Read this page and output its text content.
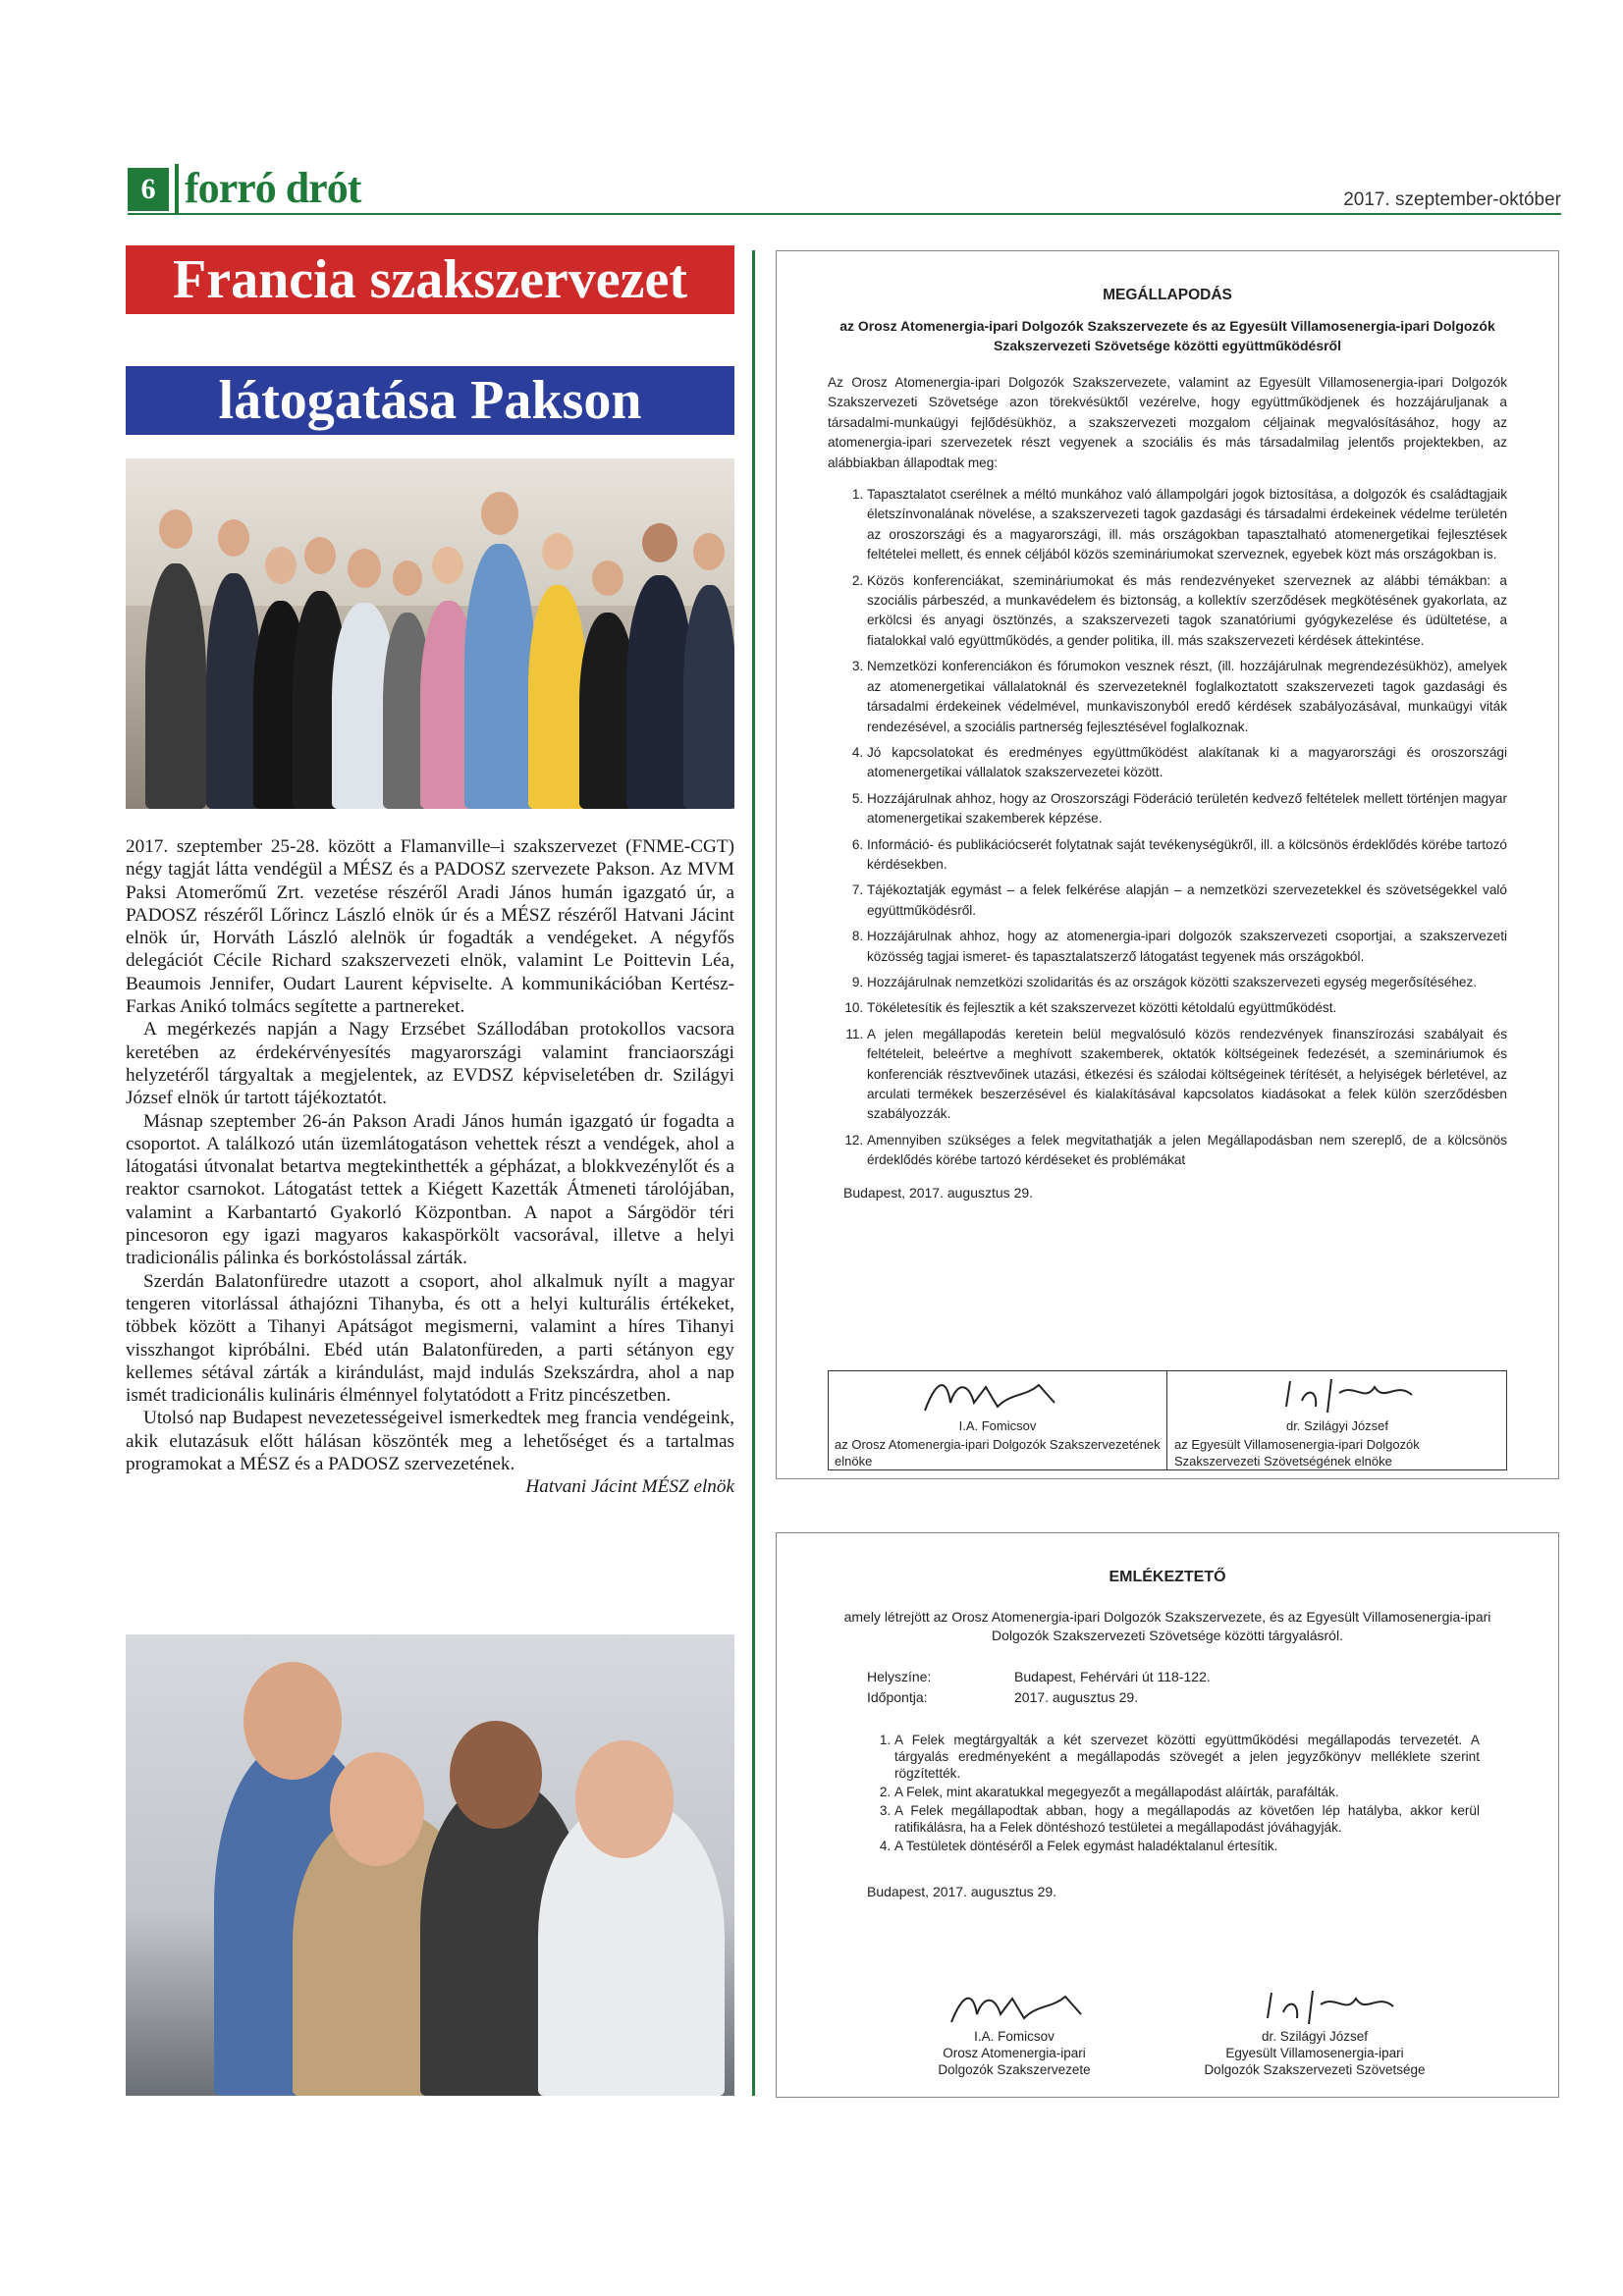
6 forró drót	2017. szeptember-október
Francia szakszervezet
látogatása Pakson

2017. szeptember 25-28. között a Flamanville–i szakszervezet (FNME-CGT) négy tagját látta vendégül a MÉSZ és a PADOSZ szervezete Pakson. Az MVM Paksi Atomerőmű Zrt. vezetése részéről Aradi János humán igazgató úr, a PADOSZ részéről Lőrincz László elnök úr és a MÉSZ részéről Hatvani Jácint elnök úr, Horváth László alelnök úr fogadták a vendégeket. A négyfős delegációt Cécile Richard szakszervezeti elnök, valamint Le Poittevin Léa, Beaumois Jennifer, Oudart Laurent képviselte. A kommunikációban Kertész-Farkas Anikó tolmács segítette a partnereket.

A megérkezés napján a Nagy Erzsébet Szállodában protokollos vacsora keretében az érdekérvényesítés magyarországi valamint franciaországi helyzetéről tárgyaltak a megjelentek, az EVDSZ képviseletében dr. Szilágyi József elnök úr tartott tájékoztatót.

Másnap szeptember 26-án Pakson Aradi János humán igazgató úr fogadta a csoportot. A találkozó után üzemlátogatáson vehettek részt a vendégek, ahol a látogatási útvonalat betartva megtekinthették a gépházat, a blokkvezénylőt és a reaktor csarnokot. Látogatást tettek a Kiégett Kazetták Átmeneti tárolójában, valamint a Karbantartó Gyakorló Központban. A napot a Sárgödör téri pincesoron egy igazi magyaros kakaspörkölt vacsorával, illetve a helyi tradicionális pálinka és borkóstolással zárták.

Szerdán Balatonfüredre utazott a csoport, ahol alkalmuk nyílt a magyar tengeren vitorlással áthajózni Tihanyba, és ott a helyi kulturális értékeket, többek között a Tihanyi Apátságot megismerni, valamint a híres Tihanyi visszhangot kipróbálni. Ebéd után Balatonfüreden, a parti sétányon egy kellemes sétával zárták a kirándulást, majd indulás Szekszárdra, ahol a nap ismét tradicionális kulináris élménnyel folytatódott a Fritz pincészetben.

Utolsó nap Budapest nevezetességeivel ismerkedtek meg francia vendégeink, akik elutazásuk előtt hálásan köszönték meg a lehetőséget és a tartalmas programokat a MÉSZ és a PADOSZ szervezetének.

Hatvani Jácint MÉSZ elnök

MEGÁLLAPODÁS
az Orosz Atomenergia-ipari Dolgozók Szakszervezete és az Egyesült Villamosenergia-ipari Dolgozók Szakszervezeti Szövetsége közötti együttműködésről
Az Orosz Atomenergia-ipari Dolgozók Szakszervezete, valamint az Egyesült Villamosenergia-ipari Dolgozók Szakszervezeti Szövetsége azon törekvésüktől vezérelve, hogy együttműködjenek és hozzájáruljanak a társadalmi-munkaügyi fejlődésükhöz, a szakszervezeti mozgalom céljainak megvalósításához, hogy az atomenergia-ipari szervezetek részt vegyenek a szociális és más társadalmilag jelentős projektekben, az alábbiakban állapodtak meg:
1. Tapasztalatot cserélnek a méltó munkához való állampolgári jogok biztosítása, a dolgozók és családtagjaik életszínvonalának növelése, a szakszervezeti tagok gazdasági és társadalmi érdekeinek védelme területén az oroszországi és a magyarországi, ill. más országokban tapasztalható atomenergetikai fejlesztések feltételei mellett, és ennek céljából közös szemináriumokat szerveznek, egyebek közt más országokban is.
2. Közös konferenciákat, szemináriumokat és más rendezvényeket szerveznek az alábbi témákban: a szociális párbeszéd, a munkavédelem és biztonság, a kollektív szerződések megkötésének gyakorlata, az erkölcsi és anyagi ösztönzés, a szakszervezeti tagok szanatóriumi gyógykezelése és üdültetése, a fiatalokkal való együttműködés, a gender politika, ill. más szakszervezeti kérdések áttekintése.
3. Nemzetközi konferenciákon és fórumokon vesznek részt, (ill. hozzájárulnak megrendezésükhöz), amelyek az atomenergetikai vállalatoknál és szervezeteknél foglalkoztatott szakszervezeti tagok gazdasági és társadalmi érdekeinek védelmével, munkaviszonyból eredő kérdések szabályozásával, munkaügyi viták rendezésével, a szociális partnerség fejlesztésével foglalkoznak.
4. Jó kapcsolatokat és eredményes együttműködést alakítanak ki a magyarországi és oroszországi atomenergetikai vállalatok szakszervezetei között.
5. Hozzájárulnak ahhoz, hogy az Oroszországi Föderáció területén kedvező feltételek mellett történjen magyar atomenergetikai szakemberek képzése.
6. Információ- és publikációcserét folytatnak saját tevékenységükről, ill. a kölcsönös érdeklődés körébe tartozó kérdésekben.
7. Tájékoztatják egymást – a felek felkérése alapján – a nemzetközi szervezetekkel és szövetségekkel való együttműködésről.
8. Hozzájárulnak ahhoz, hogy az atomenergia-ipari dolgozók szakszervezeti csoportjai, a szakszervezeti közösség tagjai ismeret- és tapasztalatszerző látogatást tegyenek más országokból.
9. Hozzájárulnak nemzetközi szolidaritás és az országok közötti szakszervezeti egység megerősítéséhez.
10. Tökéletesítik és fejlesztik a két szakszervezet közötti kétoldalú együttműködést.
11. A jelen megállapodás keretein belül megvalósuló közös rendezvények finanszírozási szabályait és feltételeit, beleértve a meghívott szakemberek, oktatók költségeinek fedezését, a szemináriumok és konferenciák résztvevőinek utazási, étkezési és szálodai költségeinek térítését, a helyiségek bérletével, az arculati termékek beszerzésével és kialakításával kapcsolatos kiadásokat a felek külön szerződésben szabályozzák.
12. Amennyiben szükséges a felek megvitathatják a jelen Megállapodásban nem szereplő, de a kölcsönös érdeklődés körébe tartozó kérdéseket és problémákat
Budapest, 2017. augusztus 29.
I.A. Fomicsov
az Orosz Atomenergia-ipari Dolgozók Szakszervezetének elnöke
dr. Szilágyi József
az Egyesült Villamosenergia-ipari Dolgozók Szakszervezeti Szövetségének elnöke
EMLÉKEZTETŐ
amely létrejött az Orosz Atomenergia-ipari Dolgozók Szakszervezete, és az Egyesült Villamosenergia-ipari Dolgozók Szakszervezeti Szövetsége közötti tárgyalásról.
Helyszíne:	Budapest, Fehérvári út 118-122.
Időpontja:	2017. augusztus 29.
1. A Felek megtárgyalták a két szervezet közötti együttműködési megállapodás tervezetét. A tárgyalás eredményeként a megállapodás szövegét a jelen jegyzőkönyv melléklete szerint rögzítették.
2. A Felek, mint akaratukkal megegyezőt a megállapodást aláírták, parafálták.
3. A Felek megállapodtak abban, hogy a megállapodás az követően lép hatályba, akkor kerül ratifikálásra, ha a Felek döntéshozó testületei a megállapodást jóváhagyják.
4. A Testületek döntéséről a Felek egymást haladéktalanul értesítik.
Budapest, 2017. augusztus 29.
I.A. Fomicsov
Orosz Atomenergia-ipari
Dolgozók Szakszervezete
dr. Szilágyi József
Egyesült Villamosenergia-ipari
Dolgozók Szakszervezeti Szövetsége
